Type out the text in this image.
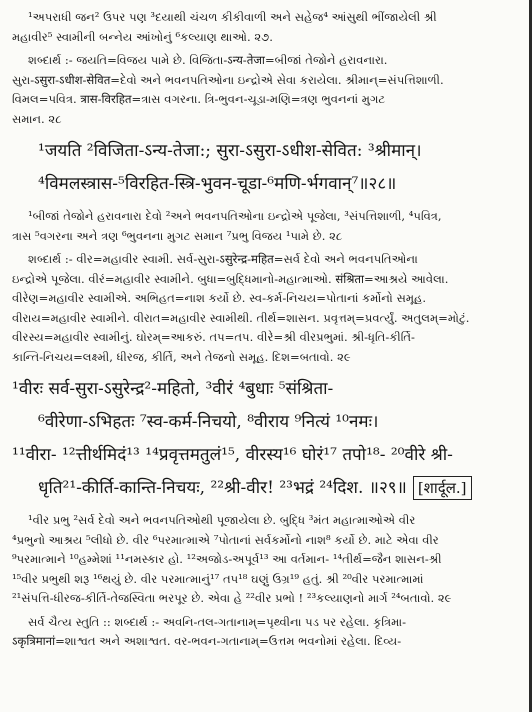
¹અપરાધી જન² ઉપર પણ ³દયાથી ચંચળ કીકીવાળી અને સહેજ⁴ આંસુથી ભીંજાયેલી શ્રી

મહાવીર⁵ સ્વામીની બન્નેય આંખોનું ⁶કલ્યાણ થાઓ. ૨૭.

શબ્દાર્થ :- જયતિ=વિજય પામે છે. વિજિતા-ऽन्य-तेजा=બીજાં તેજોને હરાવનારા.

સુરા-ऽसुरा-ऽधीश-सेवित=દેવો અને ભવનપતિઓના ઇન્દ્રોએ સેવા કરાયેલા. શ્રીમાન્=સંપત્તિશાળી.

વિમલ=પવિત્ર. त्रास-विरहित=ત્રાસ વગરના. ત્રિ-ભુવન-ચૂડા-મણિ=ત્રણ ભુવનનાં મુગટ

સમાન. ૨૮

¹जयति ²विजिता-ऽन्य-तेजा:; सुरा-ऽसुरा-ऽधीश-सेवित: ³श्रीमान्।

⁴विमलस्त्रास-⁵विरहित-स्त्रि-भुवन-चूडा-⁶मणि-र्भगवान्⁷॥२८॥

¹બીજાં તેજોને હરાવનારા દેવો ²અને ભવનપતિઓના ઇન્દ્રોએ પૂજેલા, ³સંપત્તિશાળી, ⁴પવિત્ર,

ત્રાસ ⁵વગરના અને ત્રણ ⁶ભુવનના મુગટ સમાન ⁷પ્રભુ વિજય ¹પામે છે. ૨૮

શબ્દાર્થ :- વીર=મહાવીર સ્વામી. સર્વ-સુરા-ऽसुरेन्द्र-महित=સર્વ દેવો અને ભવનપતિઓના

ઇન્દ્રોએ પૂજેલા. વીરં=મહાવીર સ્વામીને. બુધા=બુદ્ધિમાનો-મહાત્માઓ. संश्रिता=આશ્રયે આવેલા.

વીરેણ=મહાવીર સ્વામીએ. અભિહત=નાશ કર્યો છે. સ્વ-કર્મ-નિચય=પોતાનાં કર્મોનો સમૂહ.

વીરાય=મહાવીર સ્વામીને. વીરાત=મહાવીર સ્વામીથી. તીર્થ=શાસન. પ્રવૃત્તમ્=પ્રવર્ત્યું. અતુલમ્=મોટું.

વીરસ્ય=મહાવીર સ્વામીનું. ઘોરમ્=આકરું. તપ=તપ. વીરે=શ્રી વીરપ્રભુમાં. શ્રી-ધૃતિ-કીર્તિ-

કાન્તિ-નિચય=લક્ષ્મી, ધીરજ, કીર્તિ, અને તેજનો સમૂહ. દિશ=બતાવો. ૨૯

¹वीरः सर्व-सुरा-ऽसुरेन्द्र²-महितो, ³वीरं ⁴बुधाः ⁵संश्रिता-

⁶वीरेणा-ऽभिहतः ⁷स्व-कर्म-निचयो, ⁸वीराय ⁹नित्यं ¹⁰नमः।

¹¹वीरा- ¹²त्तीर्थमिदं¹³ ¹⁴प्रवृत्तमतुलं¹⁵, वीरस्य¹⁶ घोरं¹⁷ तपो¹⁸- ²⁰वीरे श्री-

धृति²¹-कीर्ति-कान्ति-निचयः, ²²श्री-वीर! ²³भद्रं ²⁴दिश. ॥२९॥ [शार्दूल.]

¹વીર પ્રભુ ²સર્વ દેવો અને ભવનપતિઓથી પૂજાયેલા છે. બુદ્ધિ ³મંત મહાત્માઓએ વીર

⁴પ્રભુનો આશ્રય ⁵લીધો છે. વીર ⁶પરમાત્માએ ⁷પોતાનાં સર્વકર્મોનો નાશ⁸ કર્યો છે. માટે એવા વીર

⁹પરમાત્માને ¹⁰હમ્મેશાં ¹¹નમસ્કાર હો. ¹²અજોડ-અપૂર્વ¹³ આ વર્તમાન- ¹⁴તીર્થ=જૈન શાસન-શ્રી

¹⁵વીર પ્રભુથી શરૂ ¹⁶થયું છે. વીર પરમાત્માનું¹⁷ તપ¹⁸ ઘણું ઉગ્ર¹⁹ હતું. શ્રી ²⁰વીર પરમાત્મામાં

²¹સંપત્તિ-ધીરજ-કીર્તિ-તેજસ્વિતા ભરપૂર છે. એવા હે ²²વીર પ્રભો ! ²³કલ્યાણનો માર્ગ ²⁴બતાવો. ૨૯

સર્વ ચૈત્ય સ્તુતિ :: શબ્દાર્થ :- અવનિ-તલ-ગતાનામ્=પૃથ્વીના પડ પર રહેલા. કૃત્રિમા-

ऽकृत्रिमानां=શાશ્વત અને અશાશ્વત. વર-ભવન-ગતાનામ્=ઉત્તમ ભવનોમાં રહેલા. દિવ્ય-
